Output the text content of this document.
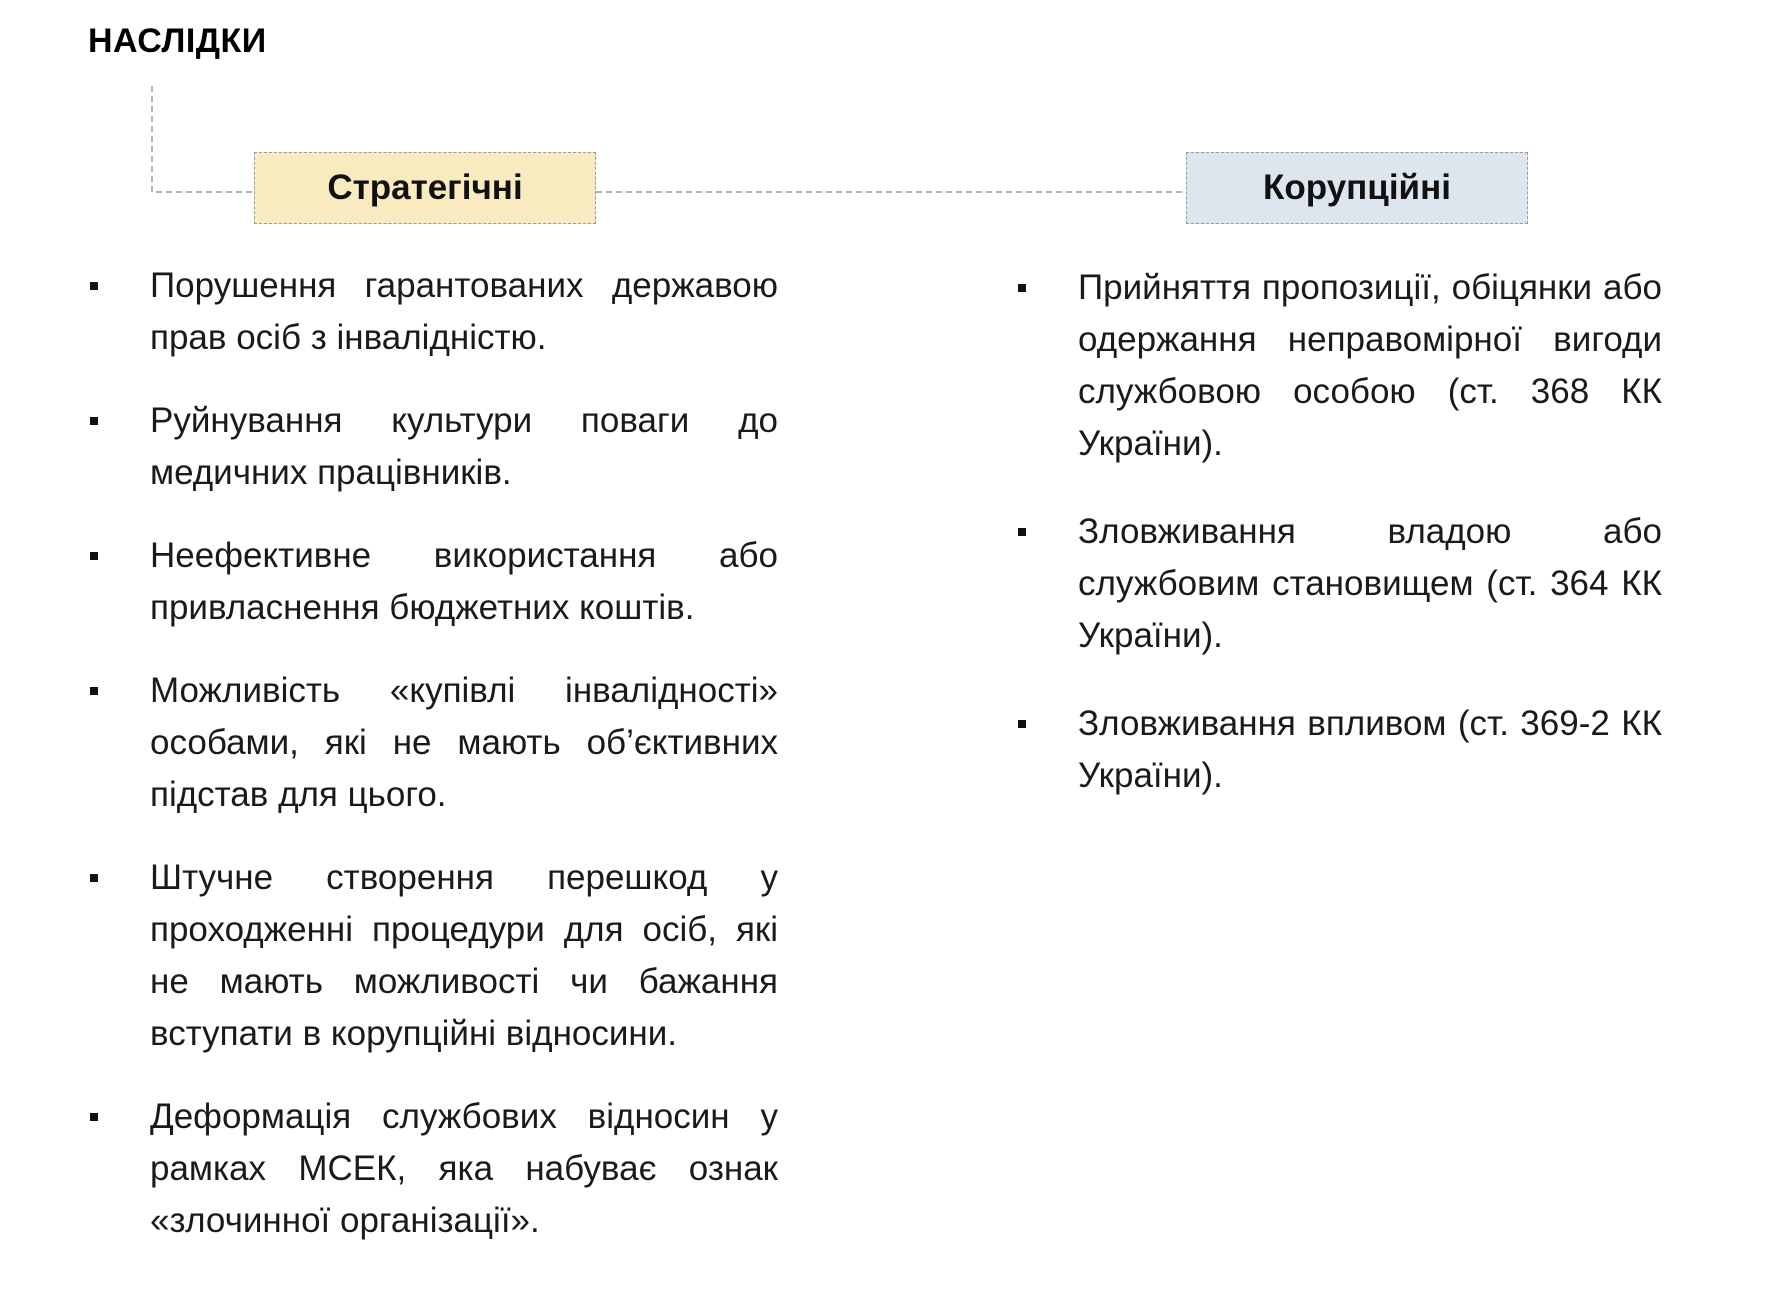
НАСЛІДКИ
Стратегічні	Корупційні
Порушення гарантованих державою прав осіб з інвалідністю.
Руйнування культури поваги до медичних працівників.
Неефективне використання або привласнення бюджетних коштів.
Можливість «купівлі інвалідності» особами, які не мають об’єктивних підстав для цього.
Штучне створення перешкод у проходженні процедури для осіб, які не мають можливості чи бажання вступати в корупційні відносини.
Деформація службових відносин у рамках МСЕК, яка набуває ознак «злочинної організації».
Прийняття пропозиції, обіцянки або одержання неправомірної вигоди службовою особою (ст. 368 КК України).
Зловживання владою або службовим становищем (ст. 364 КК України).
Зловживання впливом (ст. 369-2 КК України).
